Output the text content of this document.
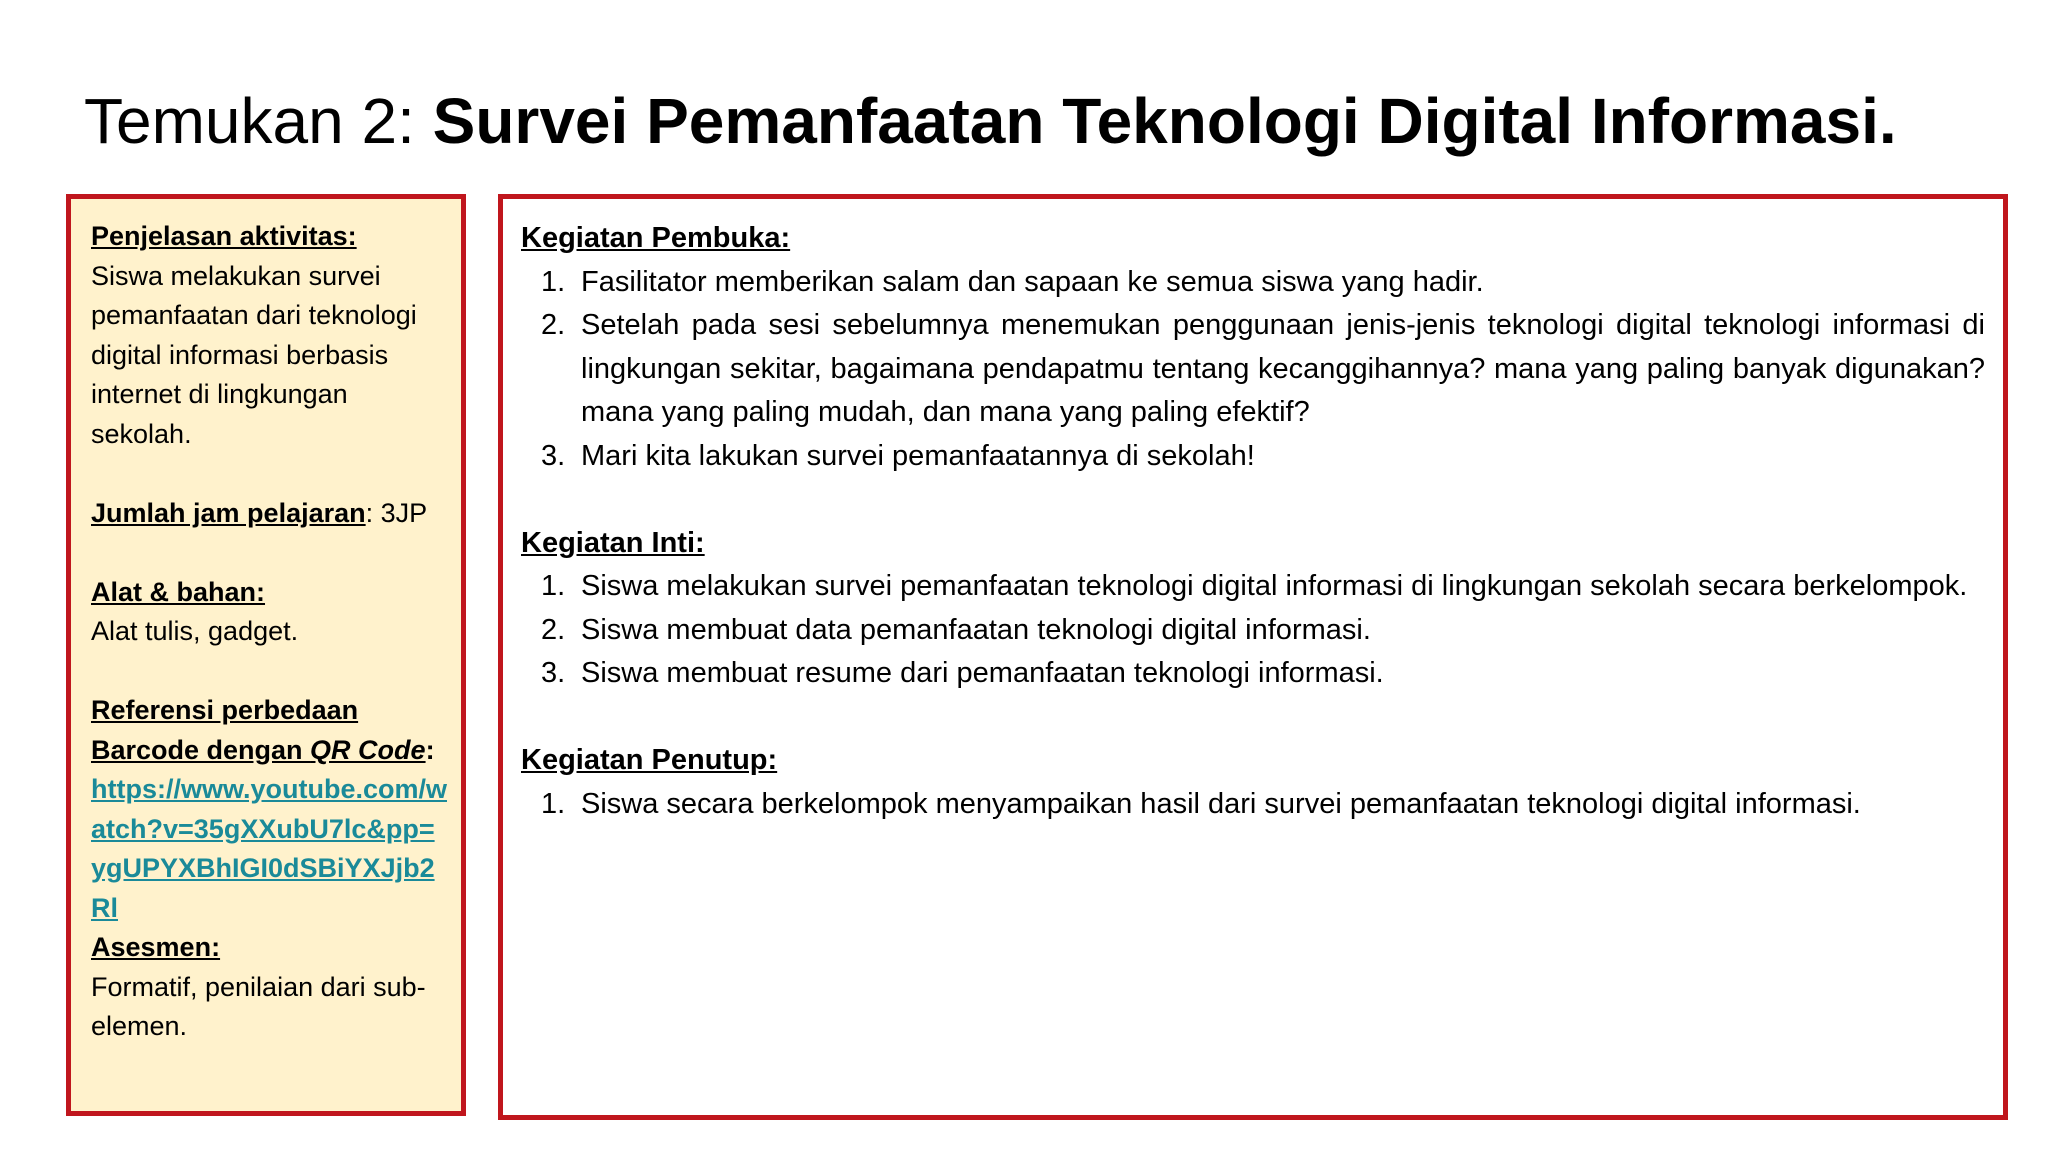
Temukan 2: Survei Pemanfaatan Teknologi Digital Informasi.

Penjelasan aktivitas:

Siswa melakukan survei pemanfaatan dari teknologi digital informasi berbasis internet di lingkungan sekolah.

Jumlah jam pelajaran: 3JP

Alat & bahan:

Alat tulis, gadget.

Referensi perbedaan Barcode dengan QR Code:

https://www.youtube.com/watch?v=35gXXubU7lc&pp=ygUPYXBhIGI0dSBiYXJjb2Rl

Asesmen:

Formatif, penilaian dari sub-elemen.

Kegiatan Pembuka:

1. Fasilitator memberikan salam dan sapaan ke semua siswa yang hadir.
2. Setelah pada sesi sebelumnya menemukan penggunaan jenis-jenis teknologi digital teknologi informasi di lingkungan sekitar, bagaimana pendapatmu tentang kecanggihannya? mana yang paling banyak digunakan? mana yang paling mudah, dan mana yang paling efektif?
3. Mari kita lakukan survei pemanfaatannya di sekolah!

Kegiatan Inti:

1. Siswa melakukan survei pemanfaatan teknologi digital informasi di lingkungan sekolah secara berkelompok.
2. Siswa membuat data pemanfaatan teknologi digital informasi.
3. Siswa membuat resume dari pemanfaatan teknologi informasi.

Kegiatan Penutup:

1. Siswa secara berkelompok menyampaikan hasil dari survei pemanfaatan teknologi digital informasi.
